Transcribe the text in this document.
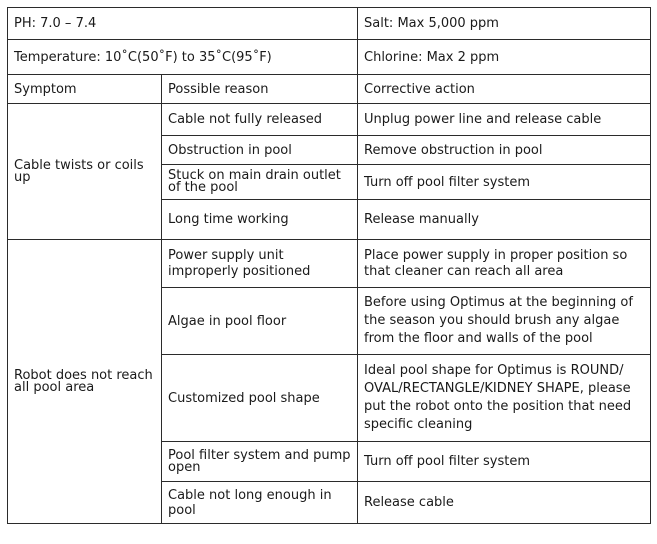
PH: 7.0 – 7.4		Salt: Max 5,000 ppm
Temperature: 10˚C(50˚F) to 35˚C(95˚F)		Chlorine: Max 2 ppm
Symptom	Possible reason	Corrective action
Cable twists or coils up	Cable not fully released	Unplug power line and release cable
	Obstruction in pool	Remove obstruction in pool
	Stuck on main drain outlet of the pool	Turn off pool filter system
	Long time working	Release manually
Robot does not reach all pool area	Power supply unit improperly positioned	Place power supply in proper position so that cleaner can reach all area
	Algae in pool floor	Before using Optimus at the beginning of the season you should brush any algae from the floor and walls of the pool
	Customized pool shape	Ideal pool shape for Optimus is ROUND/ OVAL/RECTANGLE/KIDNEY SHAPE, please put the robot onto the position that need specific cleaning
	Pool filter system and pump open	Turn off pool filter system
	Cable not long enough in pool	Release cable
